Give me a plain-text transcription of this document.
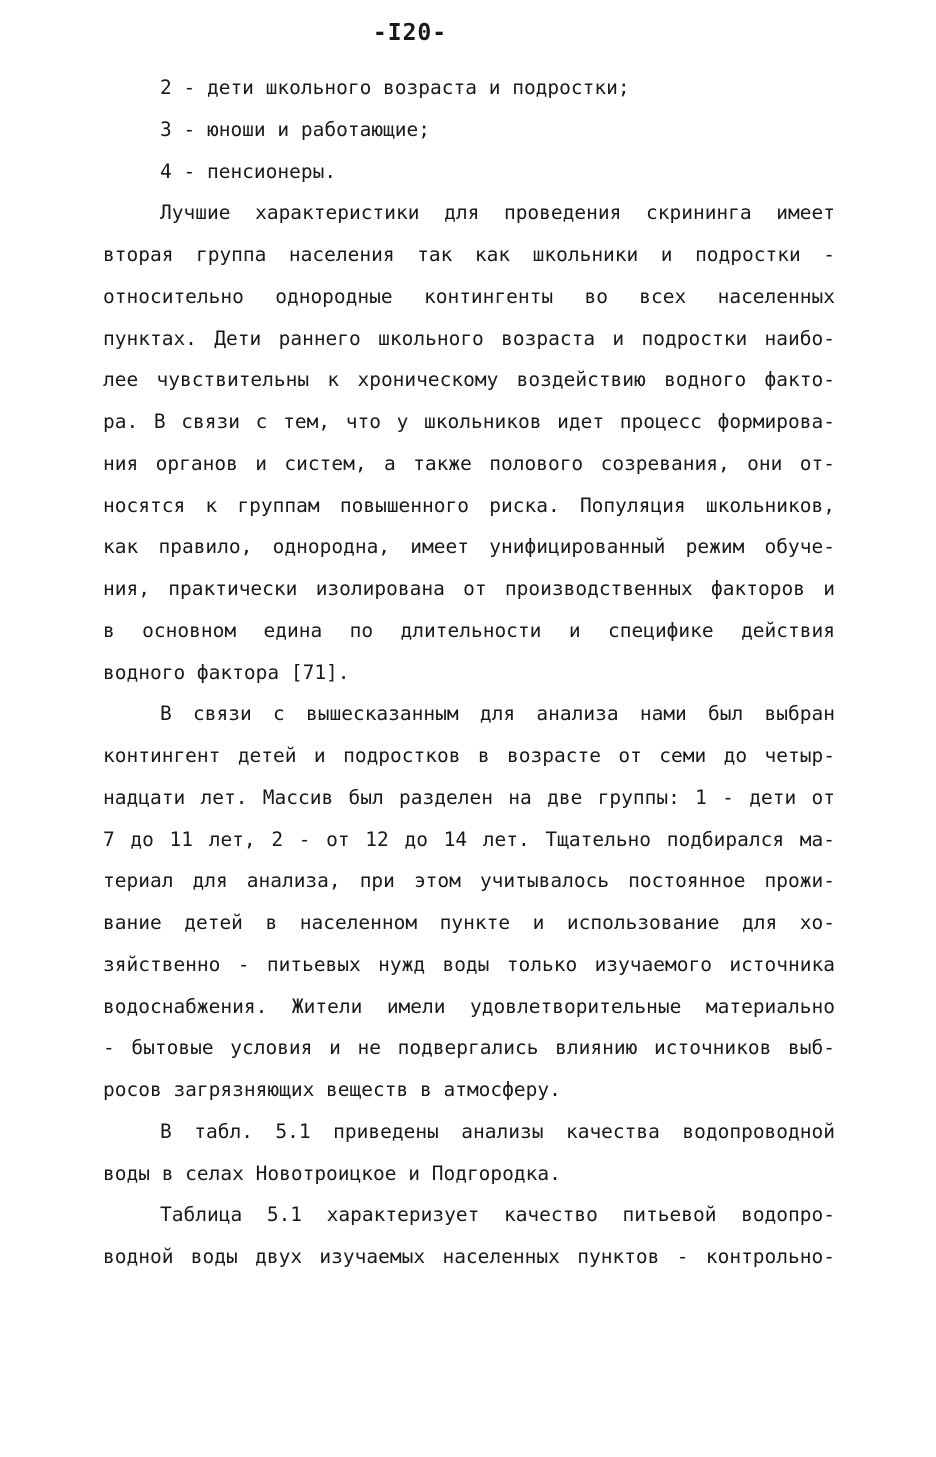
-I20-
2 - дети школьного возраста и подростки;
3 - юноши и работающие;
4 - пенсионеры.
Лучшие характеристики для проведения скрининга имеет
вторая группа населения так как школьники и подростки -
относительно однородные контингенты во всех населенных
пунктах. Дети раннего школьного возраста и подростки наибо-
лее чувствительны к хроническому воздействию водного факто-
ра. В связи с тем, что у школьников идет процесс формирова-
ния органов и систем, а также полового созревания, они от-
носятся к группам повышенного риска. Популяция школьников,
как правило, однородна, имеет унифицированный режим обуче-
ния, практически изолирована от производственных факторов и
в основном едина по длительности и специфике действия
водного фактора [71].
В связи с вышесказанным для анализа нами был выбран
контингент детей и подростков в возрасте от семи до четыр-
надцати лет. Массив был разделен на две группы: 1 - дети от
7 до 11 лет, 2 - от 12 до 14 лет. Тщательно подбирался ма-
териал для анализа, при этом учитывалось постоянное прожи-
вание детей в населенном пункте и использование для хо-
зяйственно - питьевых нужд воды только изучаемого источника
водоснабжения. Жители имели удовлетворительные материально
- бытовые условия и не подвергались влиянию источников выб-
росов загрязняющих веществ в атмосферу.
В табл. 5.1 приведены анализы качества водопроводной
воды в селах Новотроицкое и Подгородка.
Таблица 5.1 характеризует качество питьевой водопро-
водной воды двух изучаемых населенных пунктов - контрольно-
